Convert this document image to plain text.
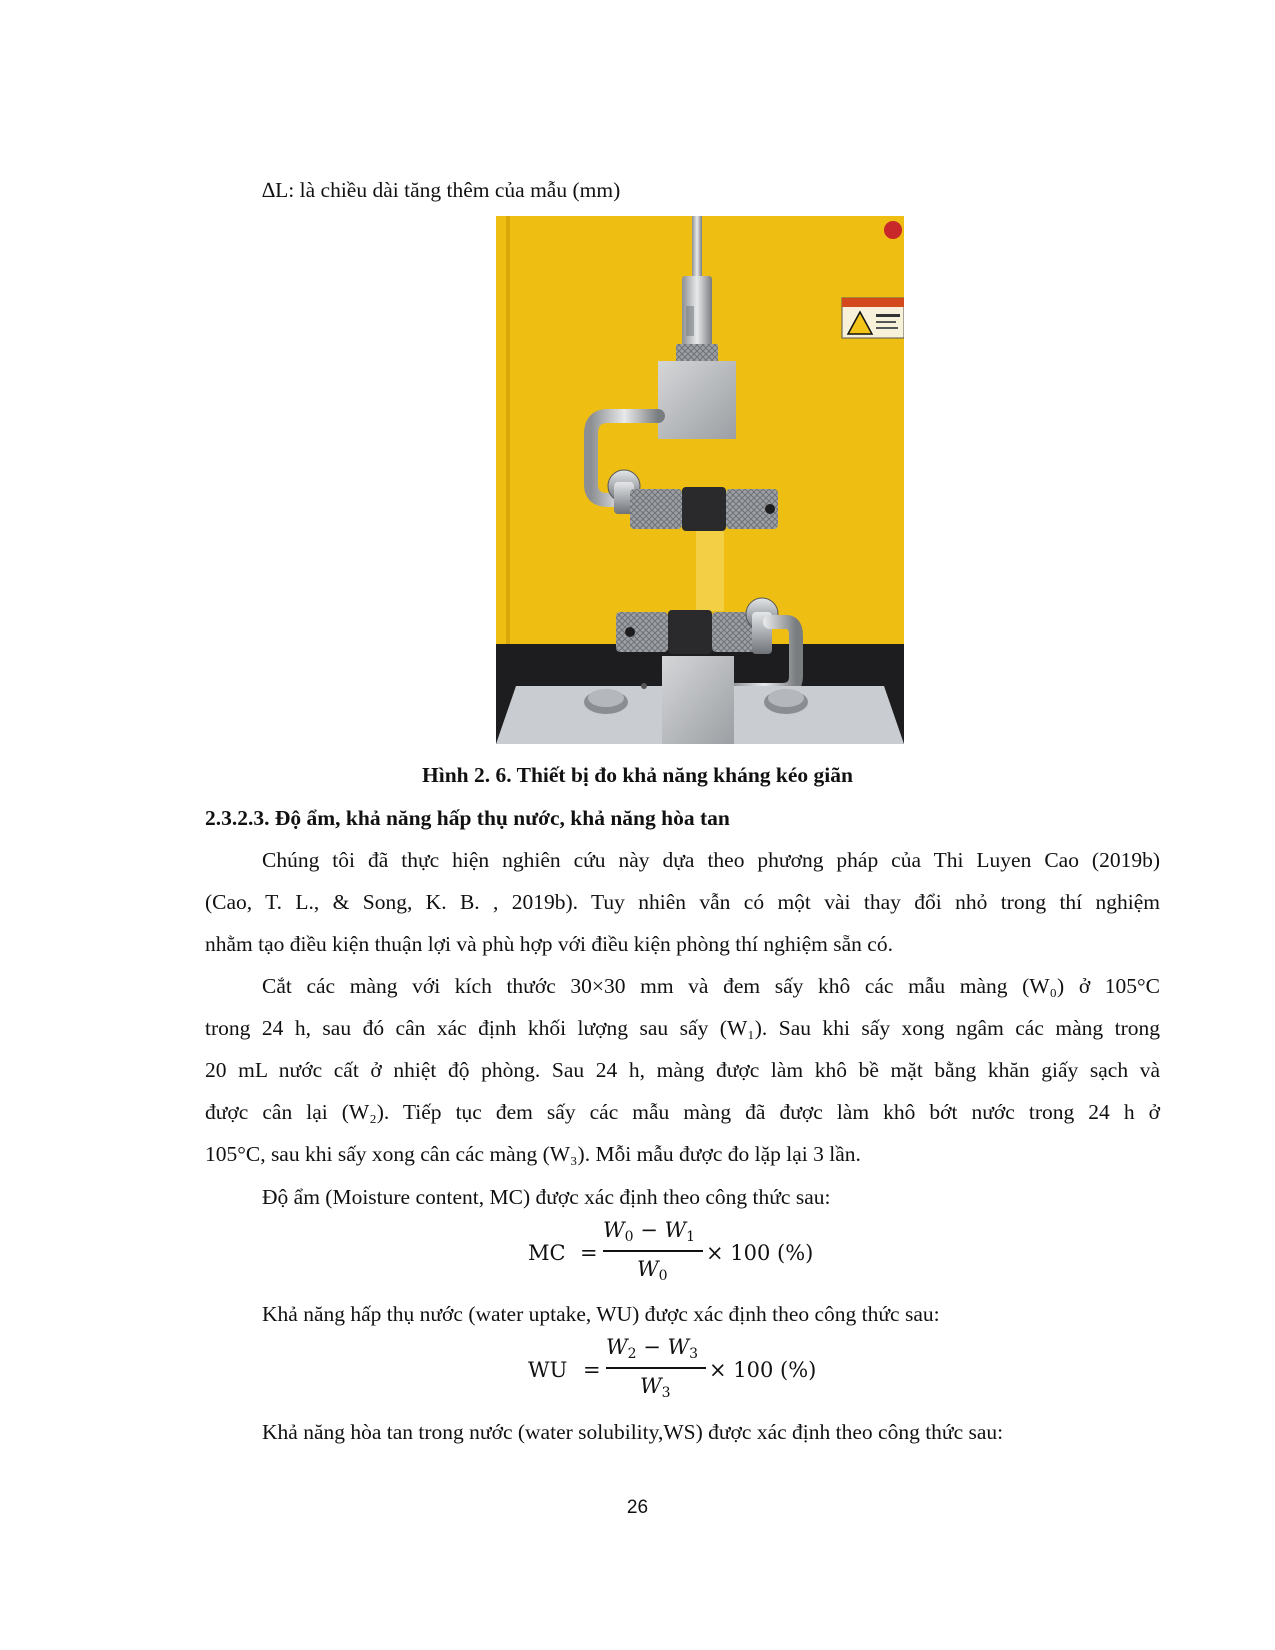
∆L: là chiều dài tăng thêm của mẫu (mm)
Hình 2. 6. Thiết bị đo khả năng kháng kéo giãn
2.3.2.3. Độ ẩm, khả năng hấp thụ nước, khả năng hòa tan
Chúng tôi đã thực hiện nghiên cứu này dựa theo phương pháp của Thi Luyen Cao (2019b)
(Cao, T. L., & Song, K. B. , 2019b). Tuy nhiên vẫn có một vài thay đổi nhỏ trong thí nghiệm
nhằm tạo điều kiện thuận lợi và phù hợp với điều kiện phòng thí nghiệm sẵn có.
Cắt các màng với kích thước 30×30 mm và đem sấy khô các mẫu màng (W₀) ở 105°C
trong 24 h, sau đó cân xác định khối lượng sau sấy (W₁). Sau khi sấy xong ngâm các màng trong
20 mL nước cất ở nhiệt độ phòng. Sau 24 h, màng được làm khô bề mặt bằng khăn giấy sạch và
được cân lại (W₂). Tiếp tục đem sấy các mẫu màng đã được làm khô bớt nước trong 24 h ở
105°C, sau khi sấy xong cân các màng (W₃). Mỗi mẫu được đo lặp lại 3 lần.
Độ ẩm (Moisture content, MC) được xác định theo công thức sau:
MC =
$W_0 - W_1$
$W_0$
× 100 (%)
Khả năng hấp thụ nước (water uptake, WU) được xác định theo công thức sau:
WU =
$W_2 - W_3$
$W_3$
× 100 (%)
Khả năng hòa tan trong nước (water solubility,WS) được xác định theo công thức sau:
26
